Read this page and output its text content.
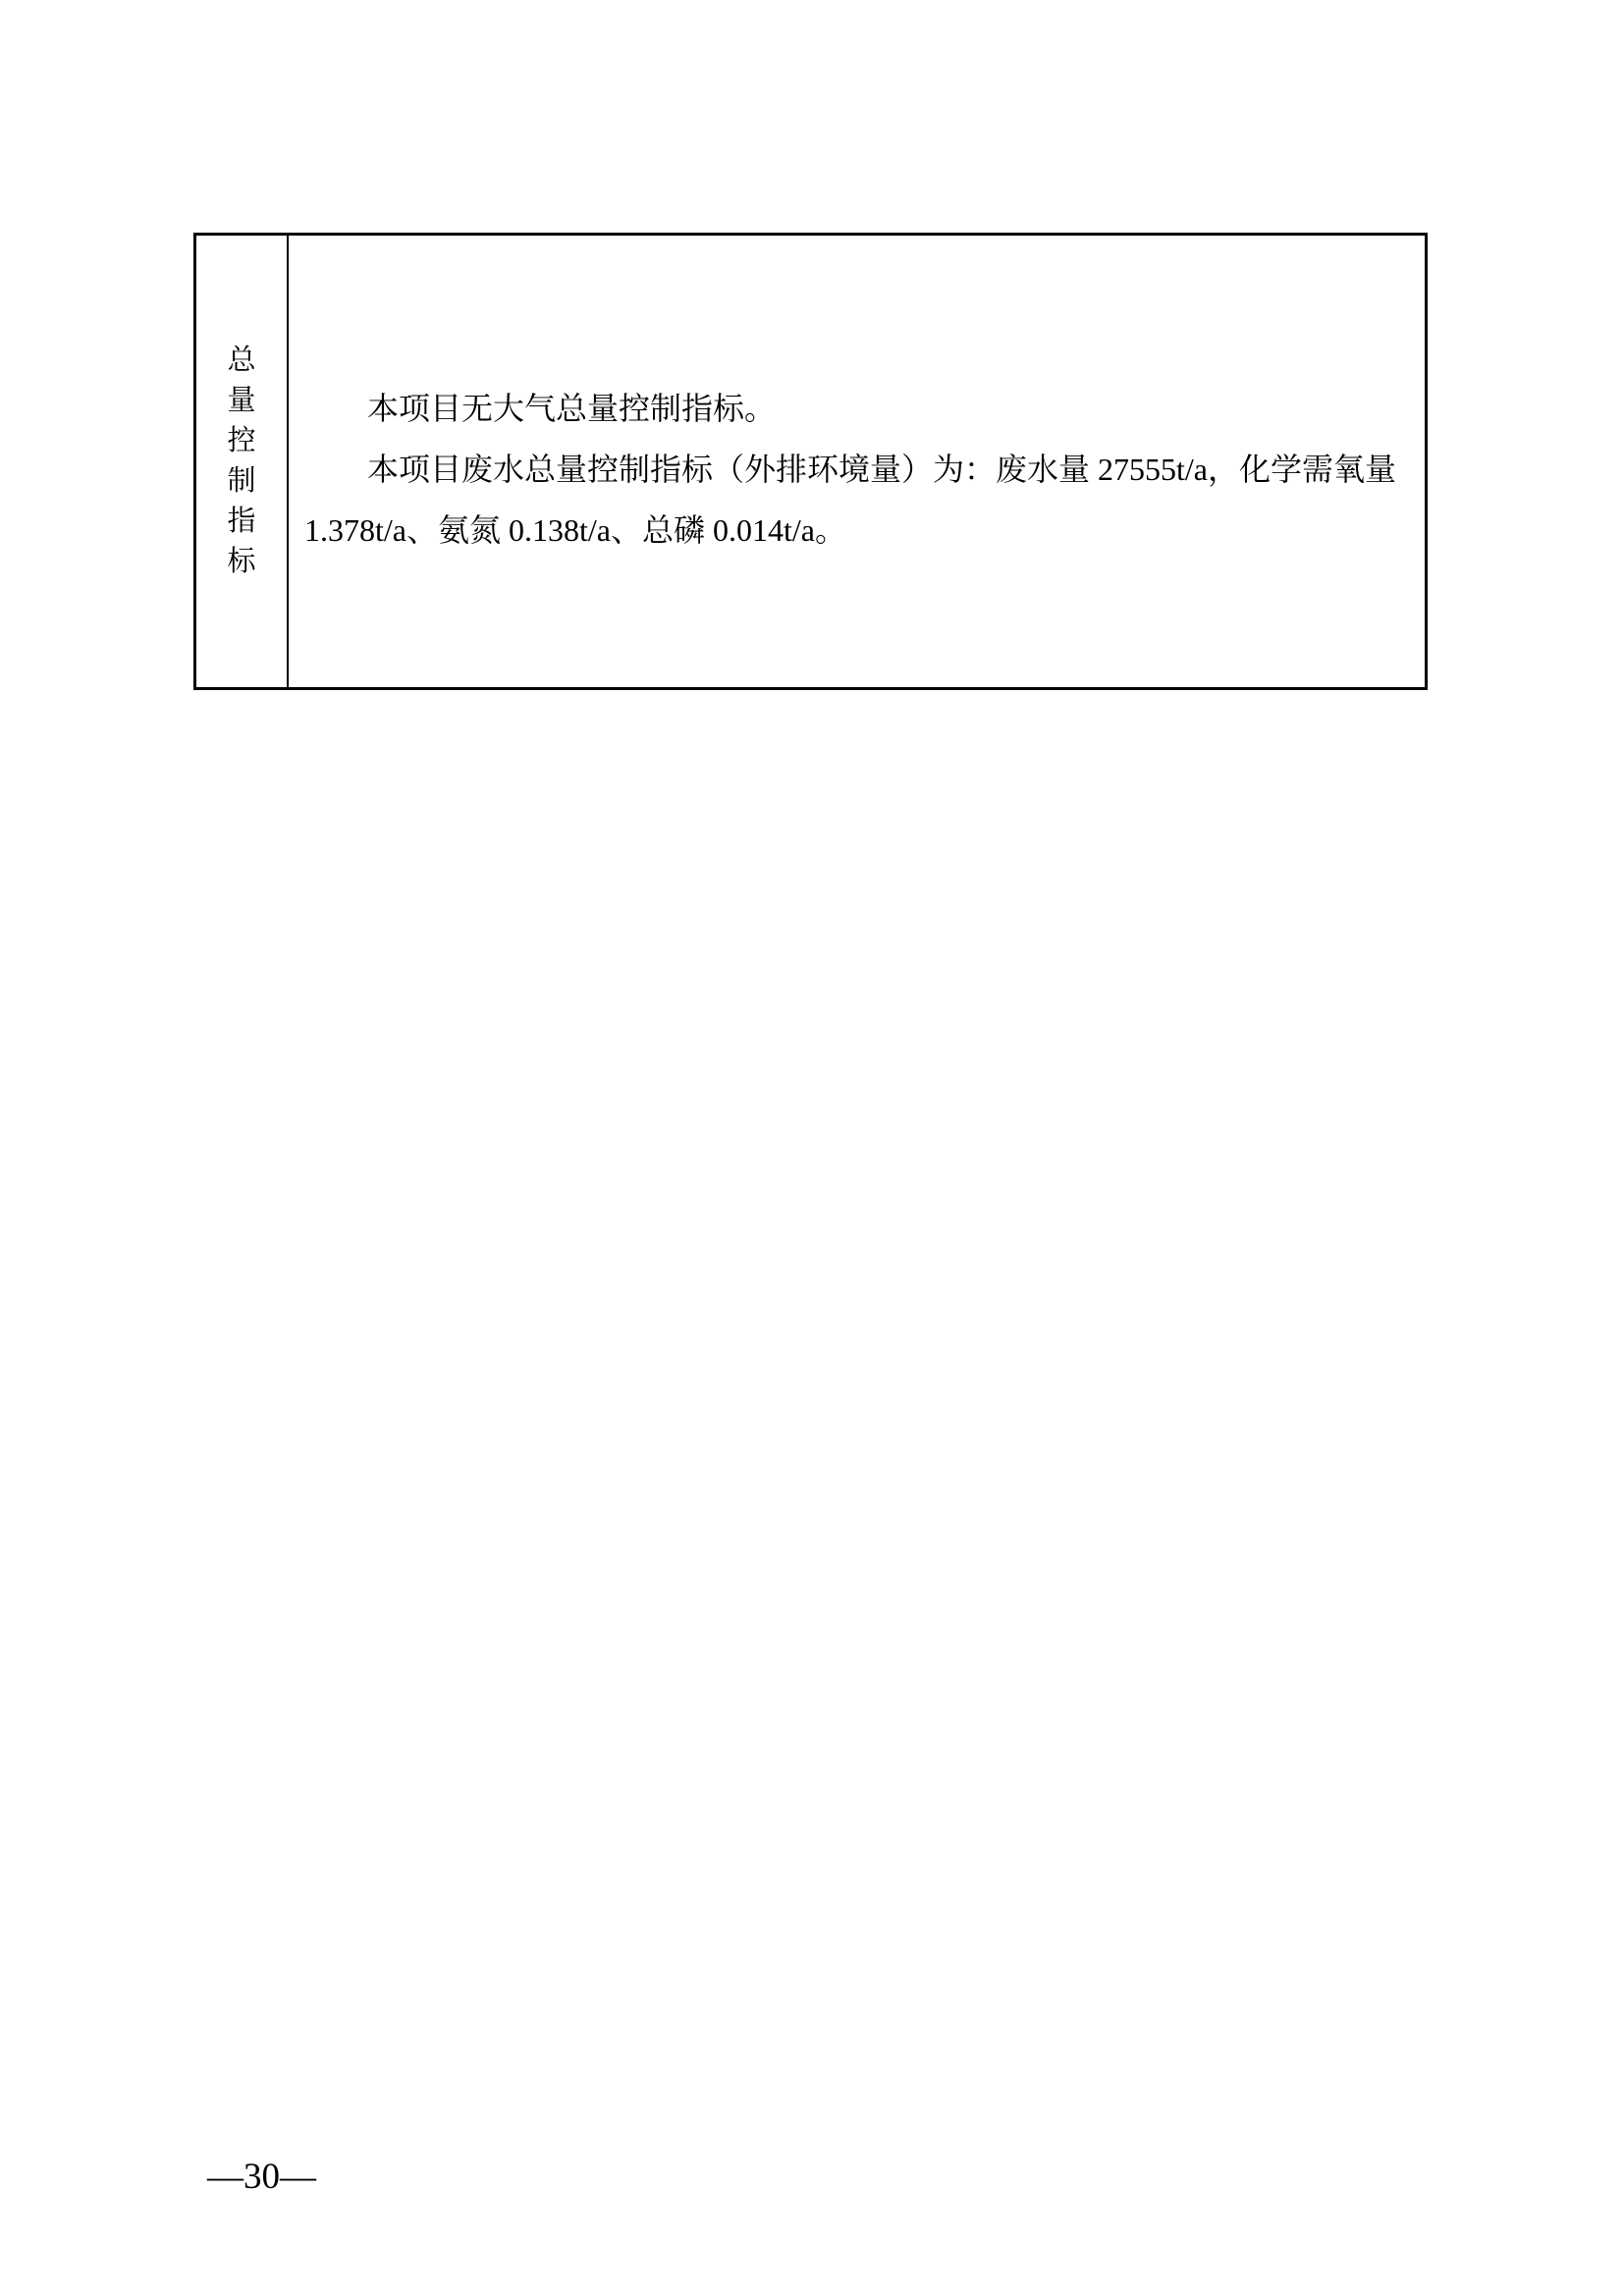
总量控制指标

本项目无大气总量控制指标。

本项目废水总量控制指标（外排环境量）为：废水量 27555t/a，化学需氧量 1.378t/a、氨氮 0.138t/a、总磷 0.014t/a。

—30—
